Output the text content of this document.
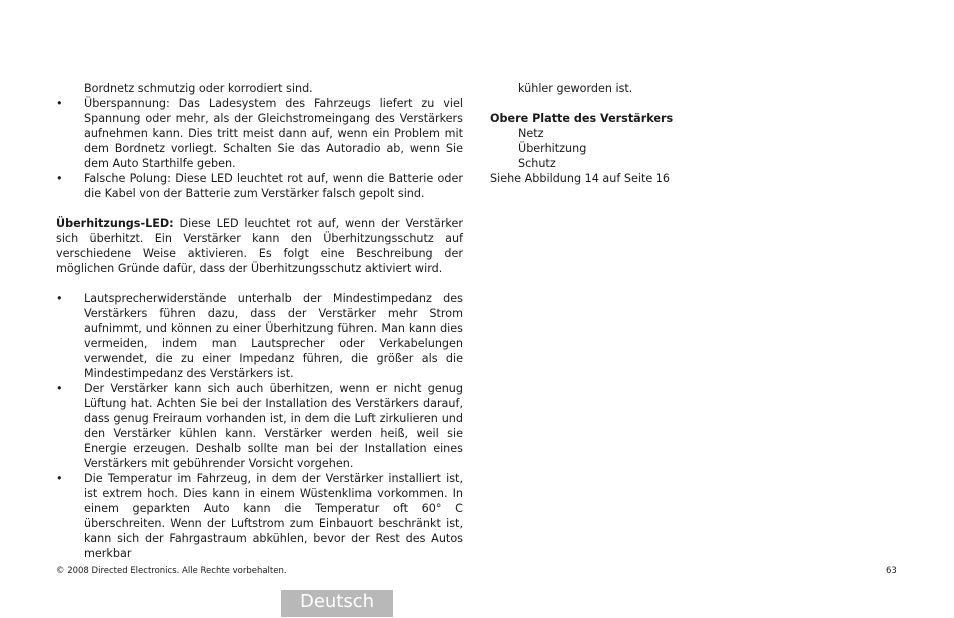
Bordnetz schmutzig oder korrodiert sind.
• Überspannung: Das Ladesystem des Fahrzeugs liefert zu viel Spannung oder mehr, als der Gleichstromeingang des Verstärkers aufnehmen kann. Dies tritt meist dann auf, wenn ein Problem mit dem Bordnetz vorliegt. Schalten Sie das Autoradio ab, wenn Sie dem Auto Starthilfe geben.
• Falsche Polung: Diese LED leuchtet rot auf, wenn die Batterie oder die Kabel von der Batterie zum Verstärker falsch gepolt sind.
Überhitzungs-LED: Diese LED leuchtet rot auf, wenn der Verstärker sich überhitzt. Ein Verstärker kann den Überhitzungsschutz auf verschiedene Weise aktivieren. Es folgt eine Beschreibung der möglichen Gründe dafür, dass der Überhitzungsschutz aktiviert wird.
• Lautsprecherwiderstände unterhalb der Mindestimpedanz des Verstärkers führen dazu, dass der Verstärker mehr Strom aufnimmt, und können zu einer Überhitzung führen. Man kann dies vermeiden, indem man Lautsprecher oder Verkabelungen verwendet, die zu einer Impedanz führen, die größer als die Mindestimpedanz des Verstärkers ist.
• Der Verstärker kann sich auch überhitzen, wenn er nicht genug Lüftung hat. Achten Sie bei der Installation des Verstärkers darauf, dass genug Freiraum vorhanden ist, in dem die Luft zirkulieren und den Verstärker kühlen kann. Verstärker werden heiß, weil sie Energie erzeugen. Deshalb sollte man bei der Installation eines Verstärkers mit gebührender Vorsicht vorgehen.
• Die Temperatur im Fahrzeug, in dem der Verstärker installiert ist, ist extrem hoch. Dies kann in einem Wüstenklima vorkommen. In einem geparkten Auto kann die Temperatur oft 60° C überschreiten. Wenn der Luftstrom zum Einbauort beschränkt ist, kann sich der Fahrgastraum abkühlen, bevor der Rest des Autos merkbar
kühler geworden ist.
Obere Platte des Verstärkers
Netz
Überhitzung
Schutz
Siehe Abbildung 14 auf Seite 16
© 2008 Directed Electronics. Alle Rechte vorbehalten.	63
Deutsch
